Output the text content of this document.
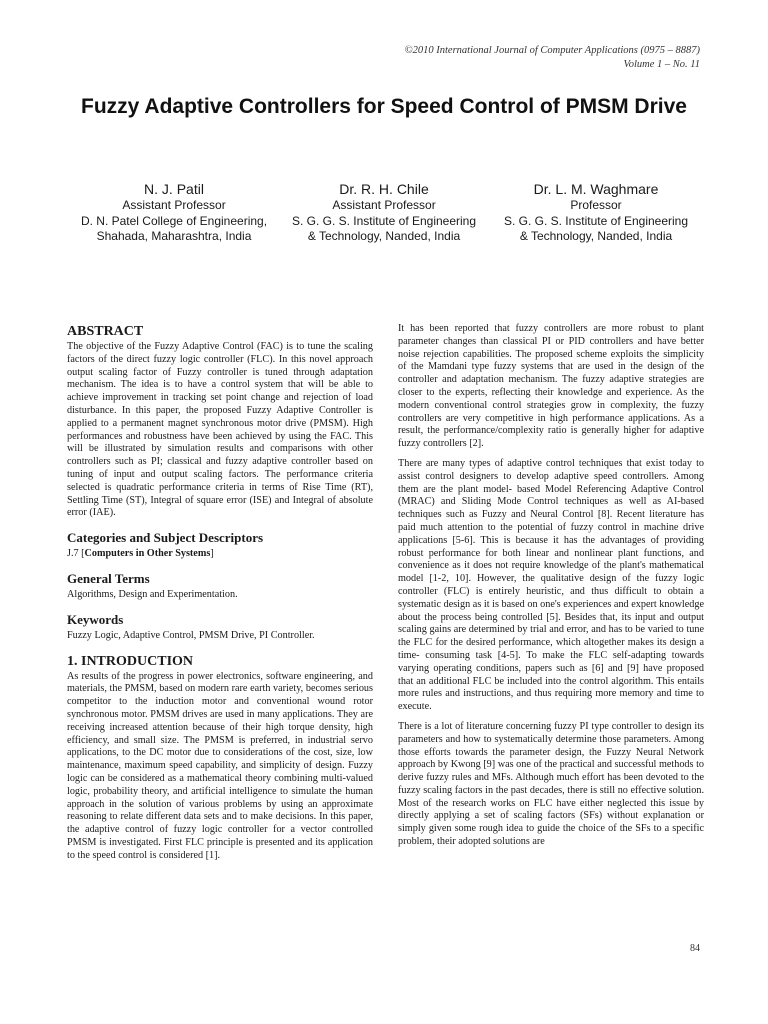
©2010 International Journal of Computer Applications (0975 – 8887)
Volume 1 – No. 11
Fuzzy Adaptive Controllers for Speed Control of PMSM Drive
N. J. Patil
Assistant Professor
D. N. Patel College of Engineering,
Shahada, Maharashtra, India
Dr. R. H. Chile
Assistant Professor
S. G. G. S. Institute of Engineering
& Technology, Nanded, India
Dr. L. M. Waghmare
Professor
S. G. G. S. Institute of Engineering
& Technology, Nanded, India
ABSTRACT

The objective of the Fuzzy Adaptive Control (FAC) is to tune the scaling factors of the direct fuzzy logic controller (FLC). In this novel approach output scaling factor of Fuzzy controller is tuned through adaptation mechanism. The idea is to have a control system that will be able to achieve improvement in tracking set point change and rejection of load disturbance. In this paper, the proposed Fuzzy Adaptive Controller is applied to a permanent magnet synchronous motor drive (PMSM). High performances and robustness have been achieved by using the FAC. This will be illustrated by simulation results and comparisons with other controllers such as PI; classical and fuzzy adaptive controller based on tuning of input and output scaling factors. The performance criteria selected is quadratic performance criteria in terms of Rise Time (RT), Settling Time (ST), Integral of square error (ISE) and Integral of absolute error (IAE).

Categories and Subject Descriptors

J.7 [Computers in Other Systems]

General Terms

Algorithms, Design and Experimentation.

Keywords

Fuzzy Logic, Adaptive Control, PMSM Drive, PI Controller.

1. INTRODUCTION

As results of the progress in power electronics, software engineering, and materials, the PMSM, based on modern rare earth variety, becomes serious competitor to the induction motor and conventional wound rotor synchronous motor. PMSM drives are used in many applications. They are receiving increased attention because of their high torque density, high efficiency, and small size. The PMSM is preferred, in industrial servo applications, to the DC motor due to considerations of the cost, size, low maintenance, maximum speed capability, and simplicity of design. Fuzzy logic can be considered as a mathematical theory combining multi-valued logic, probability theory, and artificial intelligence to simulate the human approach in the solution of various problems by using an approximate reasoning to relate different data sets and to make decisions. In this paper, the adaptive control of fuzzy logic controller for a vector controlled PMSM is investigated. First FLC principle is presented and its application to the speed control is considered [1].

It has been reported that fuzzy controllers are more robust to plant parameter changes than classical PI or PID controllers and have better noise rejection capabilities. The proposed scheme exploits the simplicity of the Mamdani type fuzzy systems that are used in the design of the controller and adaptation mechanism. The fuzzy adaptive strategies are closer to the experts, reflecting their knowledge and experience. As the modern conventional control strategies grow in complexity, the fuzzy controllers are very competitive in high performance applications. As a result, the performance/complexity ratio is generally higher for adaptive fuzzy controllers [2].

There are many types of adaptive control techniques that exist today to assist control designers to develop adaptive speed controllers. Among them are the plant model- based Model Referencing Adaptive Control (MRAC) and Sliding Mode Control techniques as well as AI-based techniques such as Fuzzy and Neural Control [8]. Recent literature has paid much attention to the potential of fuzzy control in machine drive applications [5-6]. This is because it has the advantages of providing robust performance for both linear and nonlinear plant functions, and convenience as it does not require knowledge of the plant's mathematical model [1-2, 10]. However, the qualitative design of the fuzzy logic controller (FLC) is entirely heuristic, and thus difficult to obtain a systematic design as it is based on one's experiences and expert knowledge about the process being controlled [5]. Besides that, its input and output scaling gains are determined by trial and error, and has to be varied to tune the FLC for the desired performance, which altogether makes its design a time- consuming task [4-5]. To make the FLC self-adapting towards varying operating conditions, papers such as [6] and [9] have proposed that an additional FLC be included into the control algorithm. This entails more rules and instructions, and thus requiring more memory and time to execute.

There is a lot of literature concerning fuzzy PI type controller to design its parameters and how to systematically determine those parameters. Among those efforts towards the parameter design, the Fuzzy Neural Network approach by Kwong [9] was one of the practical and successful methods to derive fuzzy rules and MFs. Although much effort has been devoted to the fuzzy scaling factors in the past decades, there is still no effective solution. Most of the research works on FLC have either neglected this issue by directly applying a set of scaling factors (SFs) without explanation or simply given some rough idea to guide the choice of the SFs to a specific problem, their adopted solutions are

84
